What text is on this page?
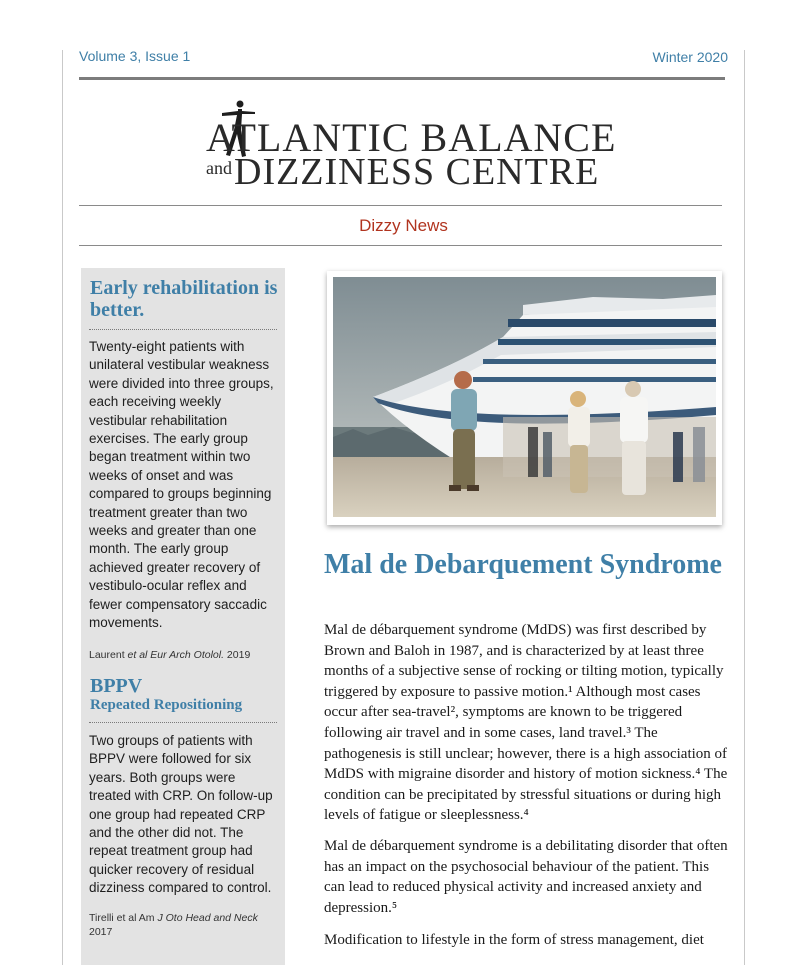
Volume 3, Issue 1	Winter 2020
ATLANTIC BALANCE
andDIZZINESS CENTRE
Dizzy News
Early rehabilitation is better.
Twenty-eight patients with unilateral vestibular weakness were divided into three groups, each receiving weekly vestibular rehabilitation exercises. The early group began treatment within two weeks of onset and was compared to groups beginning treatment greater than two weeks and greater than one month. The early group achieved greater recovery of vestibulo-ocular reflex and fewer compensatory saccadic movements.
Laurent et al Eur Arch Otolol. 2019
BPPV
Repeated Repositioning
Two groups of patients with BPPV were followed for six years. Both groups were treated with CRP. On follow-up one group had repeated CRP and the other did not. The repeat treatment group had quicker recovery of residual dizziness compared to control.
Tirelli et al Am J Oto Head and Neck 2017
Mal de Debarquement Syndrome
Mal de débarquement syndrome (MdDS) was first described by Brown and Baloh in 1987, and is characterized by at least three months of a subjective sense of rocking or tilting motion, typically triggered by exposure to passive motion.¹ Although most cases occur after sea-travel², symptoms are known to be triggered following air travel and in some cases, land travel.³ The pathogenesis is still unclear; however, there is a high association of MdDS with migraine disorder and history of motion sickness.⁴ The condition can be precipitated by stressful situations or during high levels of fatigue or sleeplessness.⁴
Mal de débarquement syndrome is a debilitating disorder that often has an impact on the psychosocial behaviour of the patient. This can lead to reduced physical activity and increased anxiety and depression.⁵
Modification to lifestyle in the form of stress management, diet
